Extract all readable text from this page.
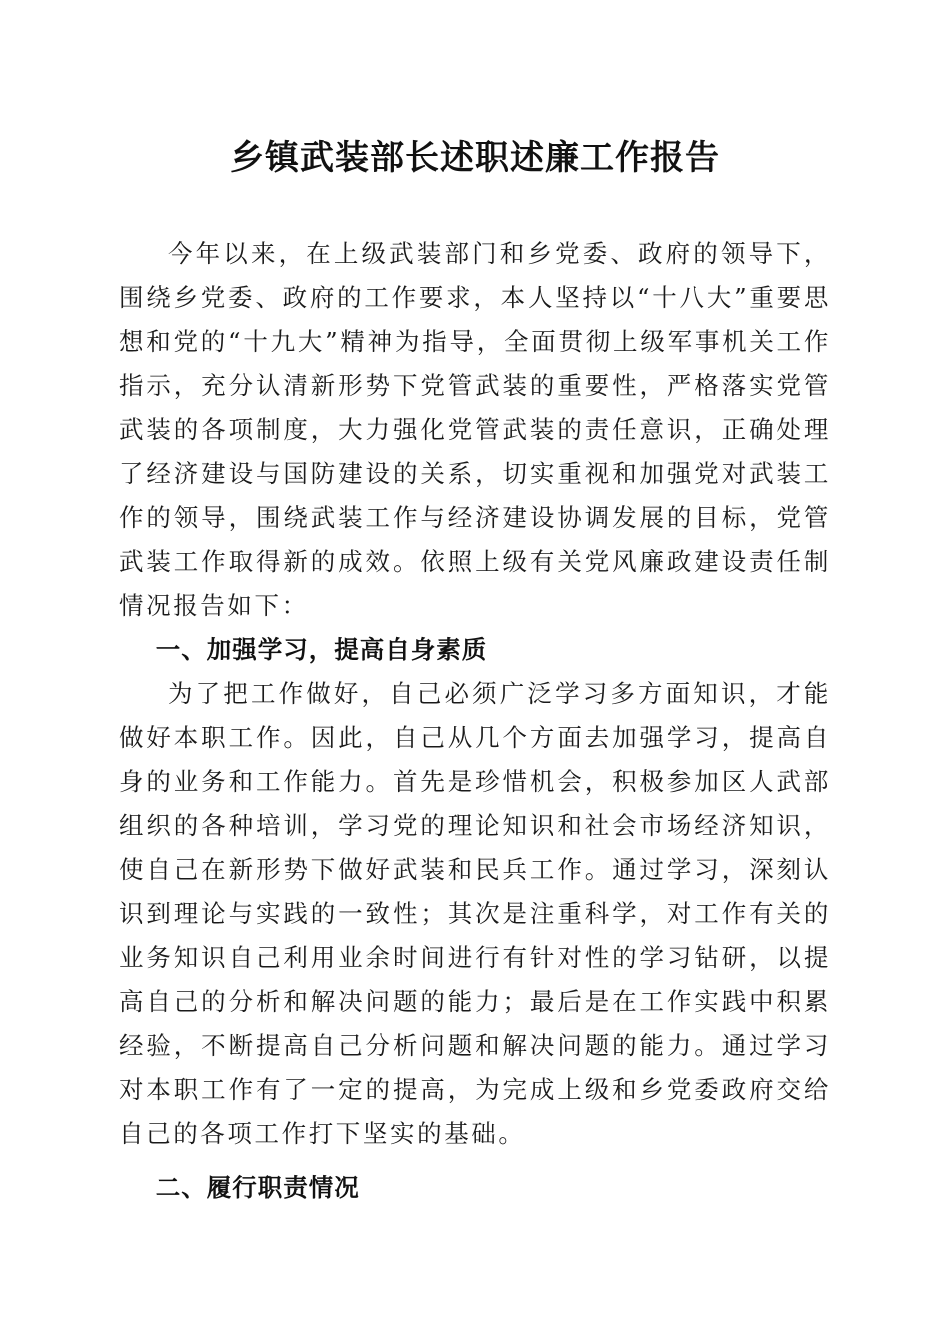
乡镇武装部长述职述廉工作报告

今年以来，在上级武装部门和乡党委、政府的领导下，围绕乡党委、政府的工作要求，本人坚持以“十八大”重要思想和党的“十九大”精神为指导，全面贯彻上级军事机关工作指示，充分认清新形势下党管武装的重要性，严格落实党管武装的各项制度，大力强化党管武装的责任意识，正确处理了经济建设与国防建设的关系，切实重视和加强党对武装工作的领导，围绕武装工作与经济建设协调发展的目标，党管武装工作取得新的成效。依照上级有关党风廉政建设责任制情况报告如下：

一、加强学习，提高自身素质

为了把工作做好，自己必须广泛学习多方面知识，才能做好本职工作。因此，自己从几个方面去加强学习，提高自身的业务和工作能力。首先是珍惜机会，积极参加区人武部组织的各种培训，学习党的理论知识和社会市场经济知识，使自己在新形势下做好武装和民兵工作。通过学习，深刻认识到理论与实践的一致性；其次是注重科学，对工作有关的业务知识自己利用业余时间进行有针对性的学习钻研，以提高自己的分析和解决问题的能力；最后是在工作实践中积累经验，不断提高自己分析问题和解决问题的能力。通过学习对本职工作有了一定的提高，为完成上级和乡党委政府交给自己的各项工作打下坚实的基础。

二、履行职责情况
